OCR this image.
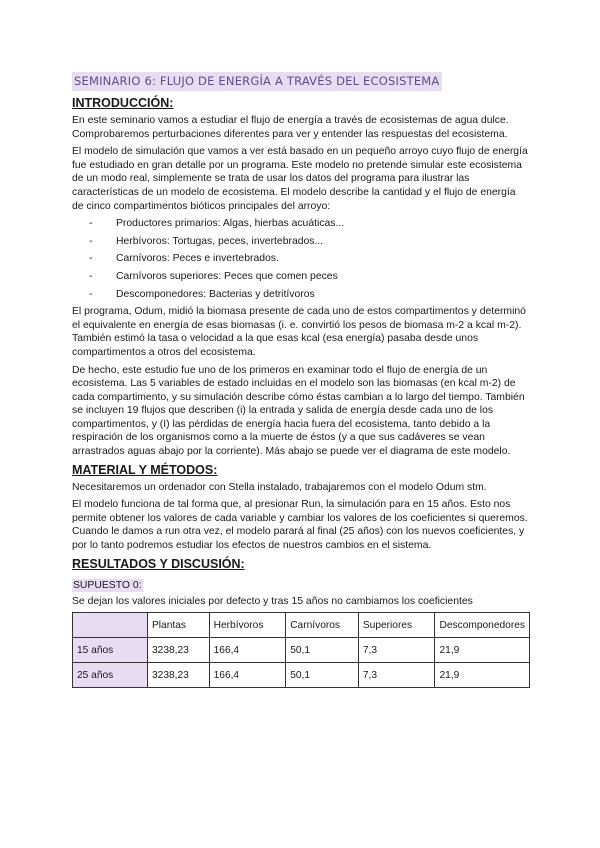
SEMINARIO 6: FLUJO DE ENERGÍA A TRAVÉS DEL ECOSISTEMA
INTRODUCCIÓN:

En este seminario vamos a estudiar el flujo de energía a través de ecosistemas de agua dulce. Comprobaremos perturbaciones diferentes para ver y entender las respuestas del ecosistema.

El modelo de simulación que vamos a ver está basado en un pequeño arroyo cuyo flujo de energía fue estudiado en gran detalle por un programa. Este modelo no pretende simular este ecosistema de un modo real, simplemente se trata de usar los datos del programa para ilustrar las características de un modelo de ecosistema. El modelo describe la cantidad y el flujo de energía de cinco compartimentos bióticos principales del arroyo:

- Productores primarios: Algas, hierbas acuáticas...
- Herbívoros: Tortugas, peces, invertebrados...
- Carnívoros: Peces e invertebrados.
- Carnívoros superiores: Peces que comen peces
- Descomponedores: Bacterias y detritívoros

El programa, Odum, midió la biomasa presente de cada uno de estos compartimentos y determinó el equivalente en energía de esas biomasas (i. e. convirtió los pesos de biomasa m-2 a kcal m-2). También estimó la tasa o velocidad a la que esas kcal (esa energía) pasaba desde unos compartimentos a otros del ecosistema.

De hecho, este estudio fue uno de los primeros en examinar todo el flujo de energía de un ecosistema. Las 5 variables de estado incluidas en el modelo son las biomasas (en kcal m-2) de cada compartimento, y su simulación describe cómo éstas cambian a lo largo del tiempo. También se incluyen 19 flujos que describen (i) la entrada y salida de energía desde cada uno de los compartimentos, y (I) las pérdidas de energía hacia fuera del ecosistema, tanto debido a la respiración de los organismos como a la muerte de éstos (y a que sus cadáveres se vean arrastrados aguas abajo por la corriente). Más abajo se puede ver el diagrama de este modelo.

MATERIAL Y MÉTODOS:

Necesitaremos un ordenador con Stella instalado, trabajaremos con el modelo Odum stm.

El modelo funciona de tal forma que, al presionar Run, la simulación para en 15 años. Esto nos permite obtener los valores de cada variable y cambiar los valores de los coeficientes si queremos. Cuando le damos a run otra vez, el modelo parará al final (25 años) con los nuevos coeficientes, y por lo tanto podremos estudiar los efectos de nuestros cambios en el sistema.

RESULTADOS Y DISCUSIÓN:
SUPUESTO 0:

Se dejan los valores iniciales por defecto y tras 15 años no cambiamos los coeficientes

	Plantas	Herbívoros	Carnívoros	Superiores	Descomponedores
15 años	3238,23	166,4	50,1	7,3	21,9
25 años	3238,23	166,4	50,1	7,3	21,9
